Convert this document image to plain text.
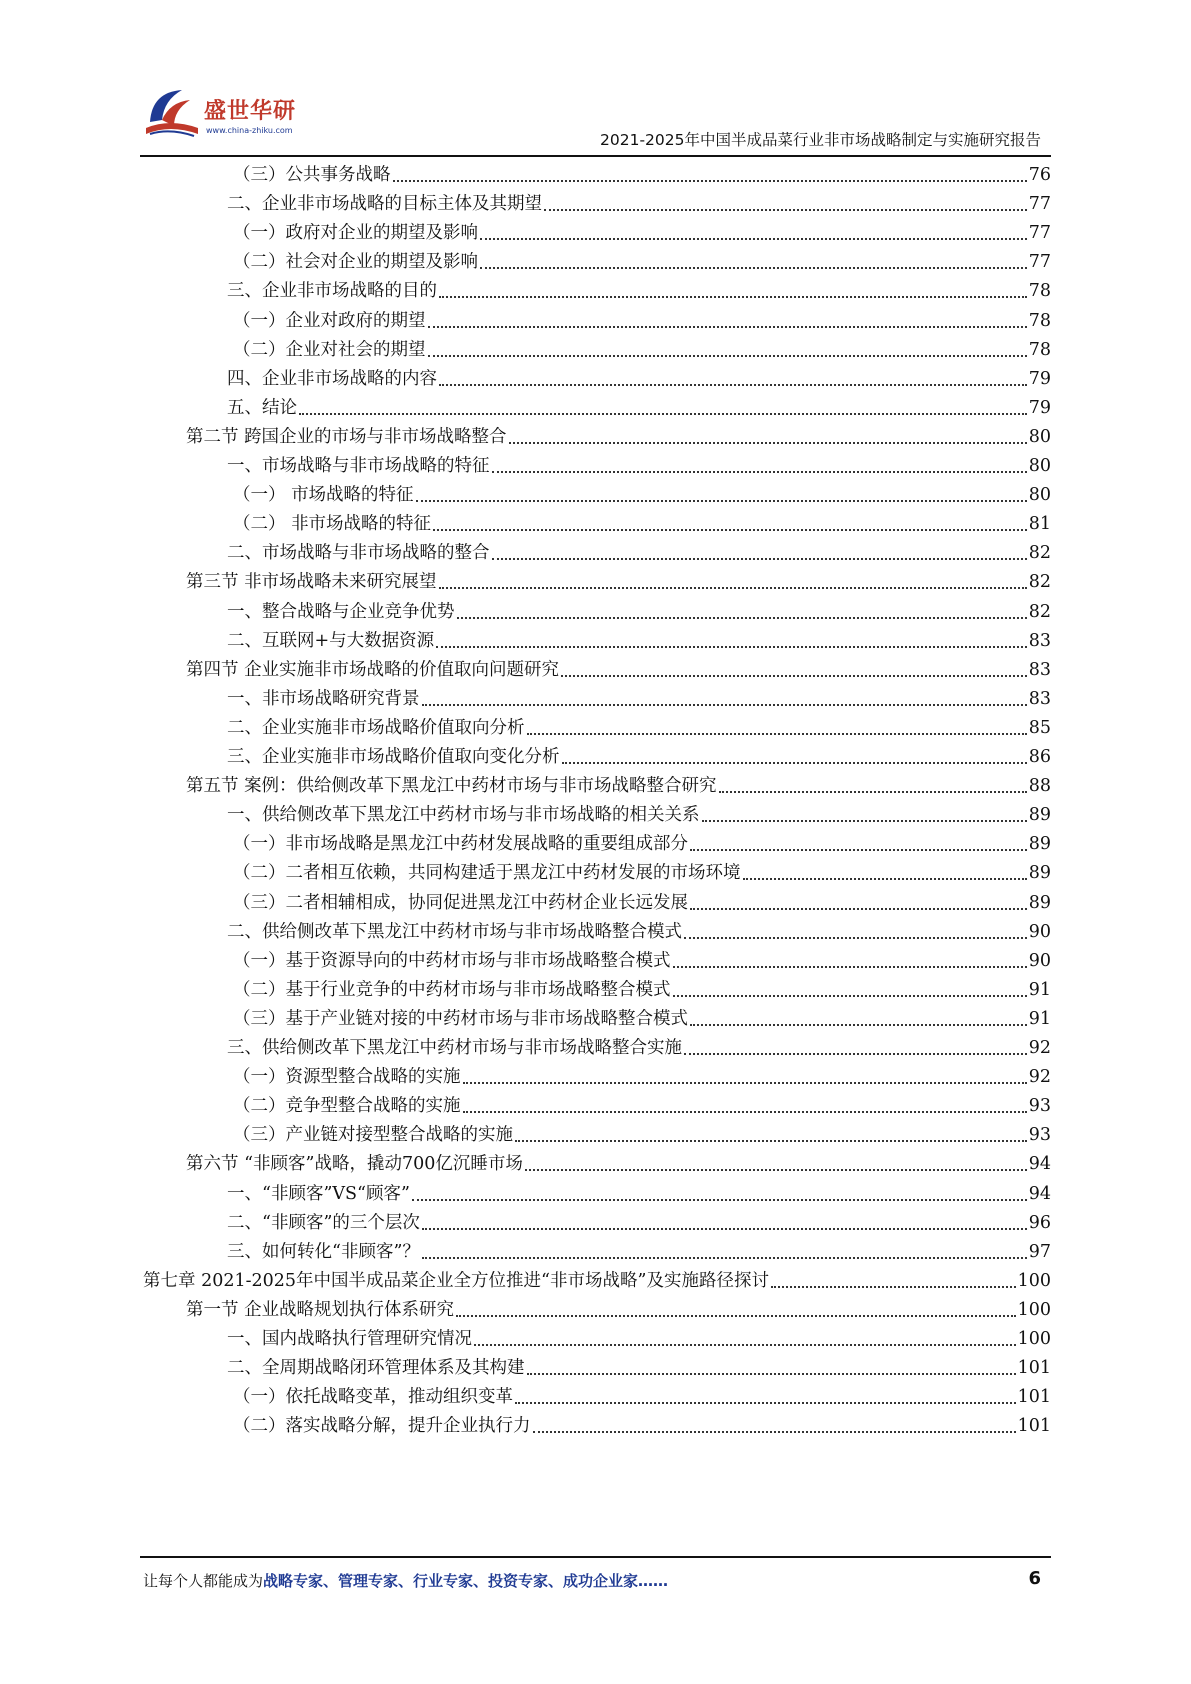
盛世华研
www.china-zhiku.com
2021-2025年中国半成品菜行业非市场战略制定与实施研究报告
（三）公共事务战略	76
二、企业非市场战略的目标主体及其期望	77
（一）政府对企业的期望及影响	77
（二）社会对企业的期望及影响	77
三、企业非市场战略的目的	78
（一）企业对政府的期望	78
（二）企业对社会的期望	78
四、企业非市场战略的内容	79
五、结论	79
第二节 跨国企业的市场与非市场战略整合	80
一、市场战略与非市场战略的特征	80
（一） 市场战略的特征	80
（二） 非市场战略的特征	81
二、市场战略与非市场战略的整合	82
第三节 非市场战略未来研究展望	82
一、整合战略与企业竞争优势	82
二、互联网+与大数据资源	83
第四节 企业实施非市场战略的价值取向问题研究	83
一、非市场战略研究背景	83
二、企业实施非市场战略价值取向分析	85
三、企业实施非市场战略价值取向变化分析	86
第五节 案例：供给侧改革下黑龙江中药材市场与非市场战略整合研究	88
一、供给侧改革下黑龙江中药材市场与非市场战略的相关关系	89
（一）非市场战略是黑龙江中药材发展战略的重要组成部分	89
（二）二者相互依赖，共同构建适于黑龙江中药材发展的市场环境	89
（三）二者相辅相成，协同促进黑龙江中药材企业长远发展	89
二、供给侧改革下黑龙江中药材市场与非市场战略整合模式	90
（一）基于资源导向的中药材市场与非市场战略整合模式	90
（二）基于行业竞争的中药材市场与非市场战略整合模式	91
（三）基于产业链对接的中药材市场与非市场战略整合模式	91
三、供给侧改革下黑龙江中药材市场与非市场战略整合实施	92
（一）资源型整合战略的实施	92
（二）竞争型整合战略的实施	93
（三）产业链对接型整合战略的实施	93
第六节 “非顾客”战略，撬动700亿沉睡市场	94
一、“非顾客”VS“顾客”	94
二、“非顾客”的三个层次	96
三、如何转化“非顾客”？	97
第七章 2021-2025年中国半成品菜企业全方位推进“非市场战略”及实施路径探讨	100
第一节 企业战略规划执行体系研究	100
一、国内战略执行管理研究情况	100
二、全周期战略闭环管理体系及其构建	101
（一）依托战略变革，推动组织变革	101
（二）落实战略分解，提升企业执行力	101
让每个人都能成为战略专家、管理专家、行业专家、投资专家、成功企业家……	6
